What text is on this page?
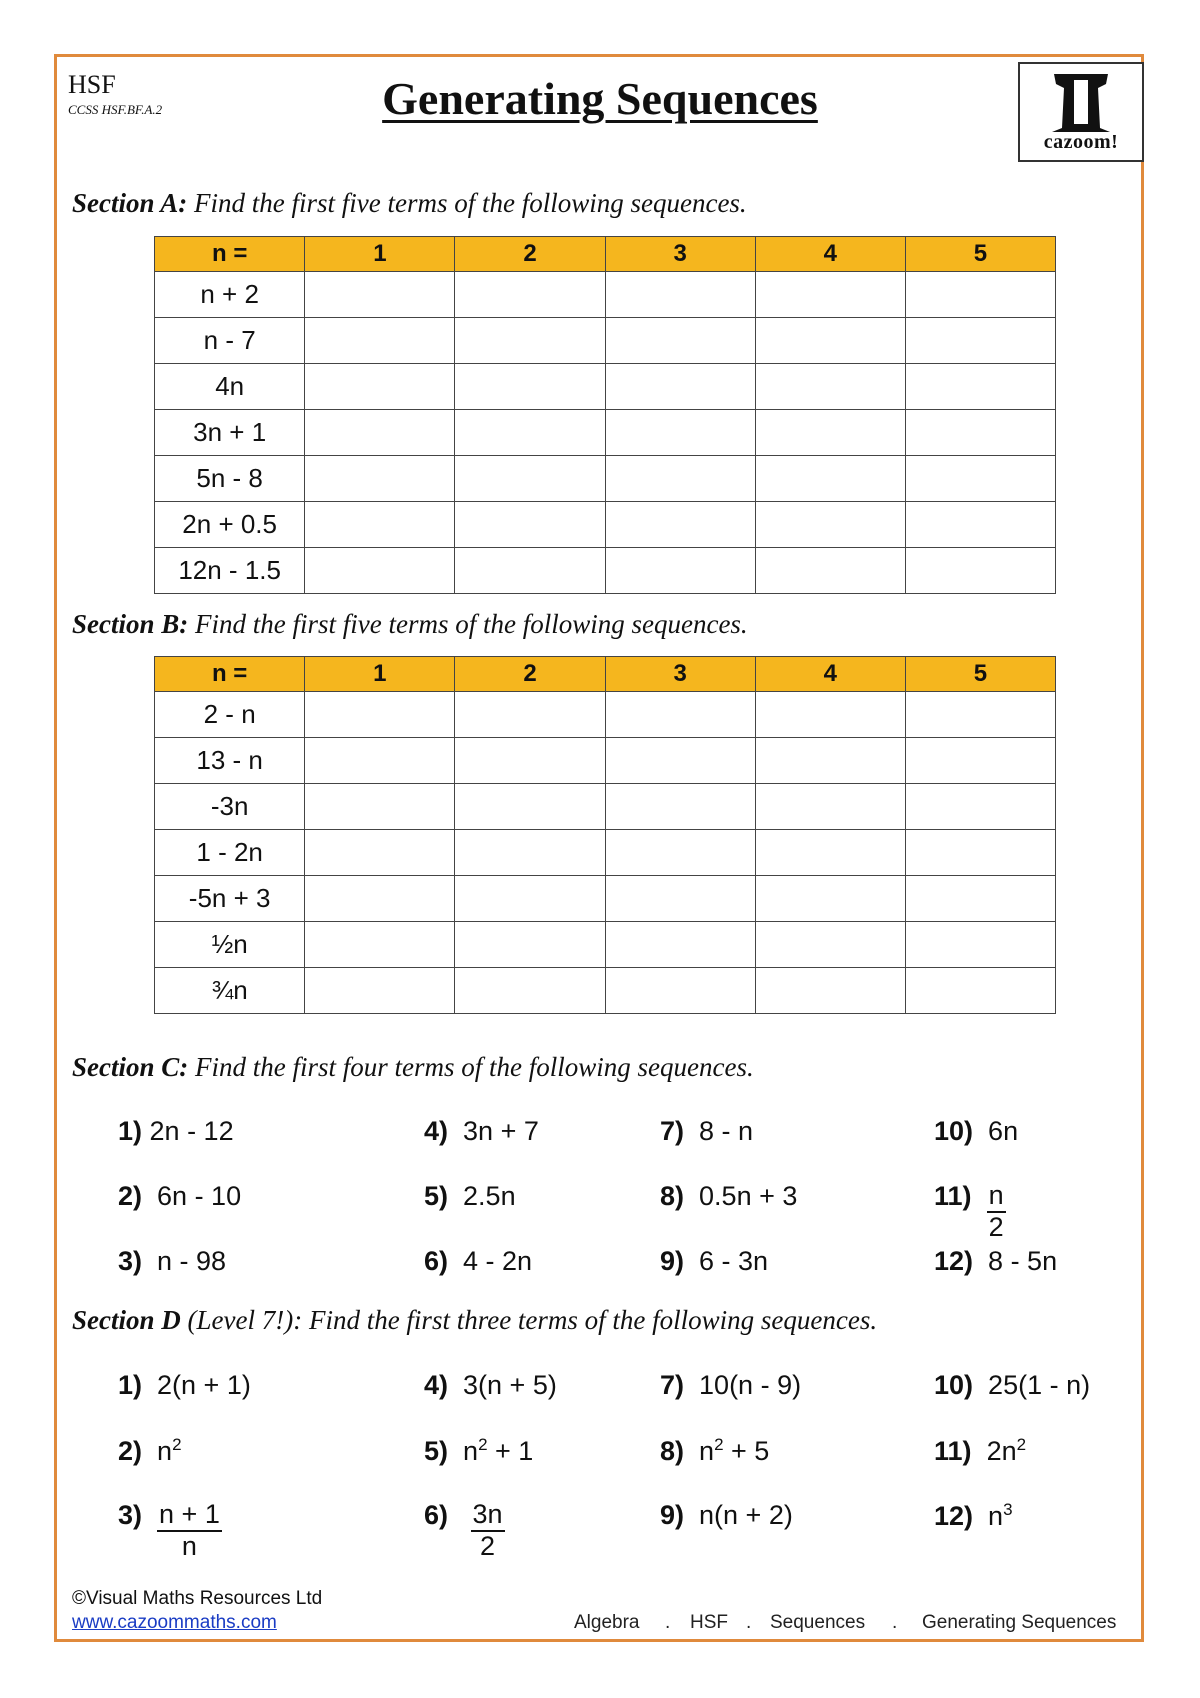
HSF
CCSS HSF.BF.A.2	Generating Sequences
cazoom!
Section A: Find the first five terms of the following sequences.
n =	1	2	3	4	5
n + 2					
n - 7					
4n					
3n + 1					
5n - 8					
2n + 0.5					
12n - 1.5					
Section B: Find the first five terms of the following sequences.
n =	1	2	3	4	5
2 - n					
13 - n					
-3n					
1 - 2n					
-5n + 3					
½n					
¾n					
Section C: Find the first four terms of the following sequences.
1) 2n - 12
2) 6n - 10
3) n - 98
4) 3n + 7
5) 2.5n
6) 4 - 2n
7) 8 - n
8) 0.5n + 3
9) 6 - 3n
10) 6n
$11) \frac{n}{2}$
12) 8 - 5n
Section D (Level 7!): Find the first three terms of the following sequences.
1) 2(n + 1)
2) $n^2$
$3) \frac{n + 1}{n}$
4) 3(n + 5)
5) $n^2 + 1$
$6) \frac{3n}{2}$
7) 10(n - 9)
8) $n^2 + 5$
9) n(n + 2)
10) 25(1 - n)
11) $2n^2$
12) $n^3$
©Visual Maths Resources Ltd
www.cazoommaths.com	Algebra . HSF . Sequences . Generating Sequences
